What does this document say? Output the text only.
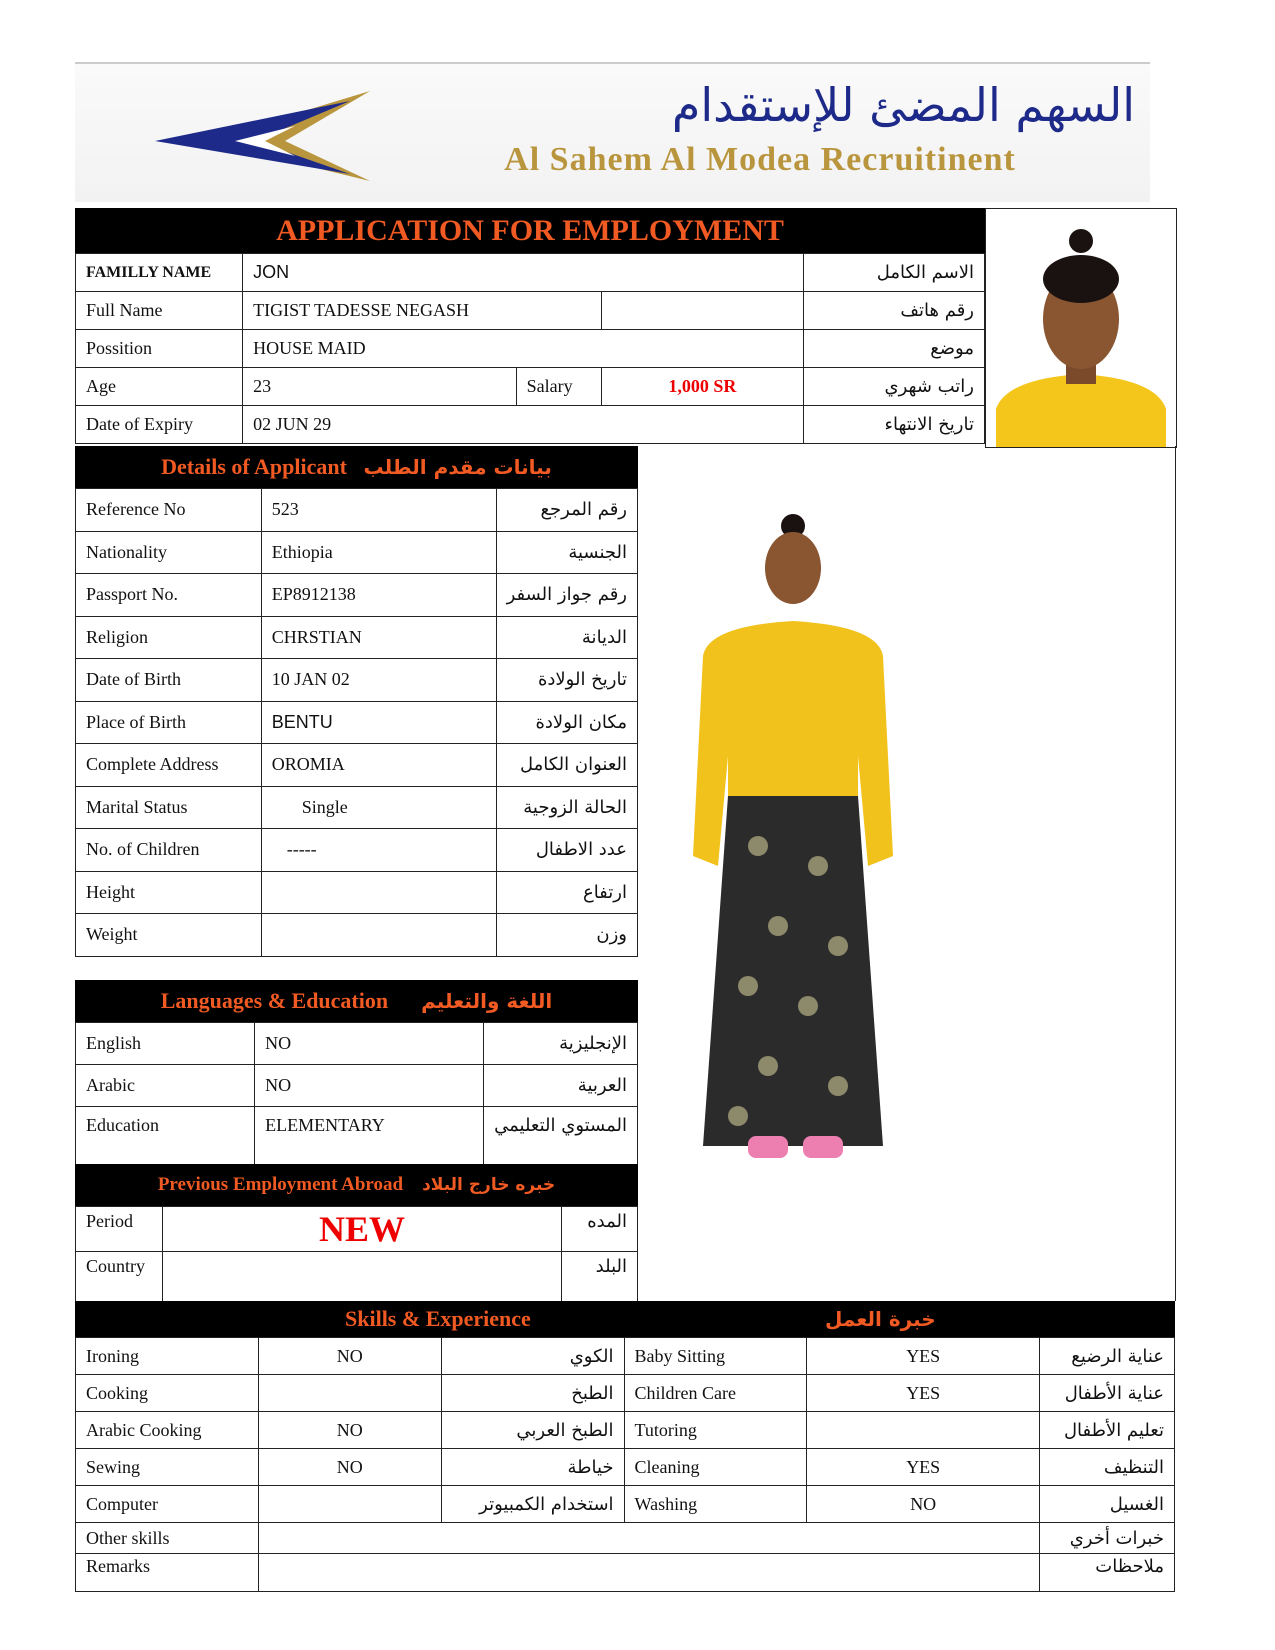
السهم المضئ للإستقدام
Al Sahem Al Modea Recruitinent
APPLICATION FOR EMPLOYMENT
FAMILLY NAME	JON			الاسم الكامل
Full Name	TIGIST TADESSE NEGASH			رقم هاتف
Possition	HOUSE MAID			موضع
Age	23	Salary	1,000 SR	راتب شهري
Date of Expiry	02 JUN 29			تاريخ الانتهاء
Details of Applicant بيانات مقدم الطلب
Reference No	523	رقم المرجع
Nationality	Ethiopia	الجنسية
Passport No.	EP8912138	رقم جواز السفر
Religion	CHRSTIAN	الديانة
Date of Birth	10 JAN 02	تاريخ الولادة
Place of Birth	BENTU	مكان الولادة
Complete Address	OROMIA	العنوان الكامل
Marital Status	Single	الحالة الزوجية
No. of Children	-----	عدد الاطفال
Height		ارتفاع
Weight		وزن
Languages & Education اللغة والتعليم
English	NO	الإنجليزية
Arabic	NO	العربية
Education	ELEMENTARY	المستوي التعليمي
Previous Employment Abroad خبره خارج البلاد
Period	NEW	المده
Country		البلد
Skills & Experience	خبرة العمل
Ironing	NO	الكوي	Baby Sitting	YES	عناية الرضيع
Cooking		الطبخ	Children Care	YES	عناية الأطفال
Arabic Cooking	NO	الطبخ العربي	Tutoring		تعليم الأطفال
Sewing	NO	خياطة	Cleaning	YES	التنظيف
Computer		استخدام الكمبيوتر	Washing	NO	الغسيل
Other skills					خبرات أخري
Remarks					ملاحظات
